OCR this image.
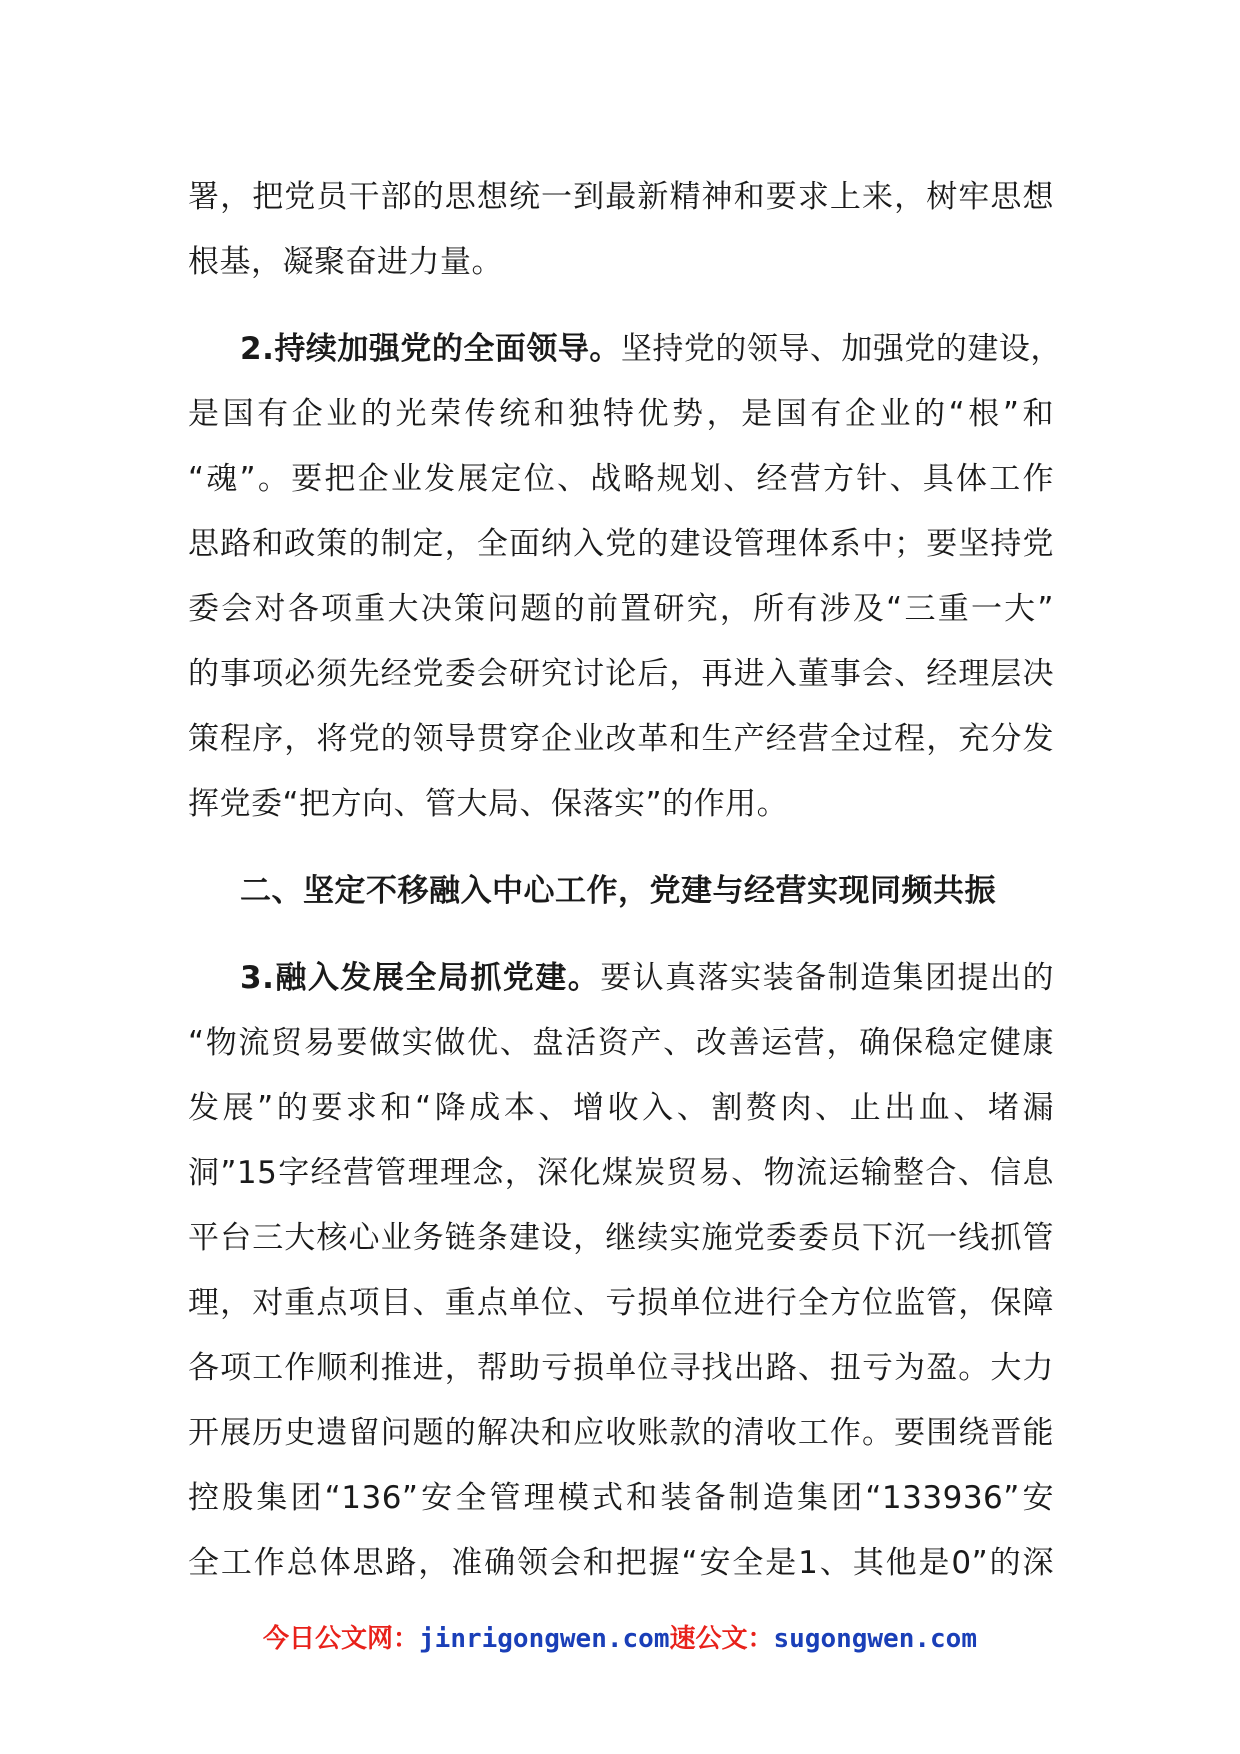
署，把党员干部的思想统一到最新精神和要求上来，树牢思想
根基，凝聚奋进力量。
2.持续加强党的全面领导。坚持党的领导、加强党的建设，
是国有企业的光荣传统和独特优势，是国有企业的“根”和
“魂”。要把企业发展定位、战略规划、经营方针、具体工作
思路和政策的制定，全面纳入党的建设管理体系中；要坚持党
委会对各项重大决策问题的前置研究，所有涉及“三重一大”
的事项必须先经党委会研究讨论后，再进入董事会、经理层决
策程序，将党的领导贯穿企业改革和生产经营全过程，充分发
挥党委“把方向、管大局、保落实”的作用。
二、坚定不移融入中心工作，党建与经营实现同频共振
3.融入发展全局抓党建。要认真落实装备制造集团提出的
“物流贸易要做实做优、盘活资产、改善运营，确保稳定健康
发展”的要求和“降成本、增收入、割赘肉、止出血、堵漏
洞”15字经营管理理念，深化煤炭贸易、物流运输整合、信息
平台三大核心业务链条建设，继续实施党委委员下沉一线抓管
理，对重点项目、重点单位、亏损单位进行全方位监管，保障
各项工作顺利推进，帮助亏损单位寻找出路、扭亏为盈。大力
开展历史遗留问题的解决和应收账款的清收工作。要围绕晋能
控股集团“136”安全管理模式和装备制造集团“133936”安
全工作总体思路，准确领会和把握“安全是1、其他是0”的深
今日公文网：jinrigongwen.com速公文：sugongwen.com
